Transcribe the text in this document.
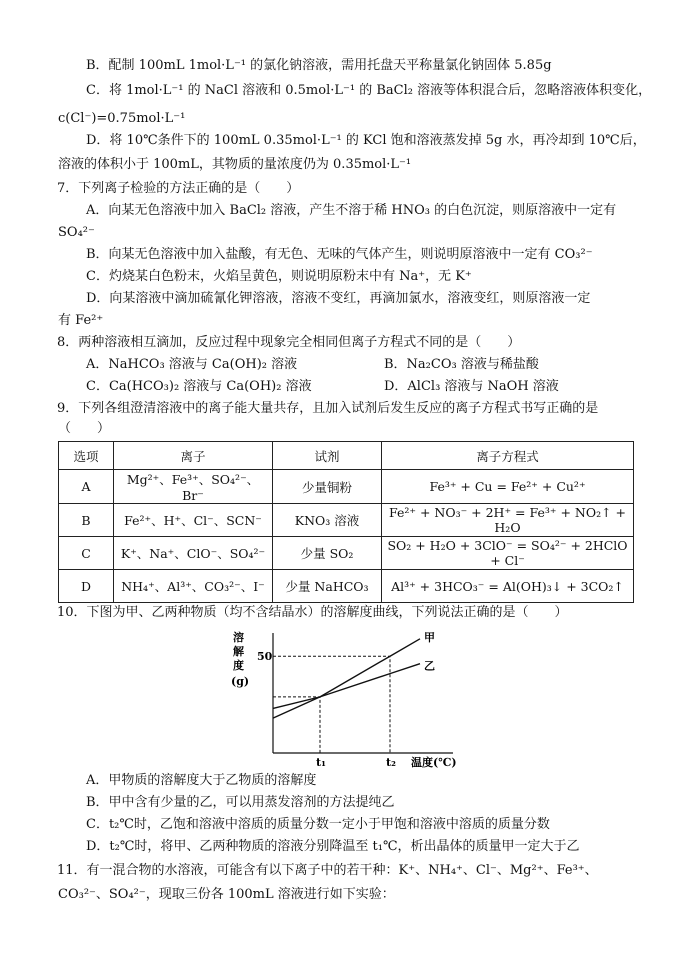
B．配制 100mL 1mol·L⁻¹ 的氯化钠溶液，需用托盘天平称量氯化钠固体 5.85g
C．将 1mol·L⁻¹ 的 NaCl 溶液和 0.5mol·L⁻¹ 的 BaCl₂ 溶液等体积混合后，忽略溶液体积变化，
c(Cl⁻)=0.75mol·L⁻¹
D．将 10℃条件下的 100mL 0.35mol·L⁻¹ 的 KCl 饱和溶液蒸发掉 5g 水，再冷却到 10℃后，
溶液的体积小于 100mL，其物质的量浓度仍为 0.35mol·L⁻¹
7．下列离子检验的方法正确的是（　　）
A．向某无色溶液中加入 BaCl₂ 溶液，产生不溶于稀 HNO₃ 的白色沉淀，则原溶液中一定有
SO₄²⁻
B．向某无色溶液中加入盐酸，有无色、无味的气体产生，则说明原溶液中一定有 CO₃²⁻
C．灼烧某白色粉末，火焰呈黄色，则说明原粉末中有 Na⁺，无 K⁺
D．向某溶液中滴加硫氰化钾溶液，溶液不变红，再滴加氯水，溶液变红，则原溶液一定
有 Fe²⁺
8．两种溶液相互滴加，反应过程中现象完全相同但离子方程式不同的是（　　）
A．NaHCO₃ 溶液与 Ca(OH)₂ 溶液	B．Na₂CO₃ 溶液与稀盐酸
C．Ca(HCO₃)₂ 溶液与 Ca(OH)₂ 溶液	D．AlCl₃ 溶液与 NaOH 溶液
9．下列各组澄清溶液中的离子能大量共存，且加入试剂后发生反应的离子方程式书写正确的是
（　　）
选项	离子	试剂	离子方程式
A	Mg²⁺、Fe³⁺、SO₄²⁻、Br⁻	少量铜粉	Fe³⁺ + Cu = Fe²⁺ + Cu²⁺
B	Fe²⁺、H⁺、Cl⁻、SCN⁻	KNO₃ 溶液	Fe²⁺ + NO₃⁻ + 2H⁺ = Fe³⁺ + NO₂↑ + H₂O
C	K⁺、Na⁺、ClO⁻、SO₄²⁻	少量 SO₂	SO₂ + H₂O + 3ClO⁻ = SO₄²⁻ + 2HClO + Cl⁻
D	NH₄⁺、Al³⁺、CO₃²⁻、I⁻	少量 NaHCO₃	Al³⁺ + 3HCO₃⁻ = Al(OH)₃↓ + 3CO₂↑
10．下图为甲、乙两种物质（均不含结晶水）的溶解度曲线，下列说法正确的是（　　）
溶
解
度
(g)
甲
乙
50
t₁	t₂ 温度(℃)
A．甲物质的溶解度大于乙物质的溶解度
B．甲中含有少量的乙，可以用蒸发溶剂的方法提纯乙
C．t₂℃时，乙饱和溶液中溶质的质量分数一定小于甲饱和溶液中溶质的质量分数
D．t₂℃时，将甲、乙两种物质的溶液分别降温至 t₁℃，析出晶体的质量甲一定大于乙
11．有一混合物的水溶液，可能含有以下离子中的若干种：K⁺、NH₄⁺、Cl⁻、Mg²⁺、Fe³⁺、
CO₃²⁻、SO₄²⁻，现取三份各 100mL 溶液进行如下实验：
